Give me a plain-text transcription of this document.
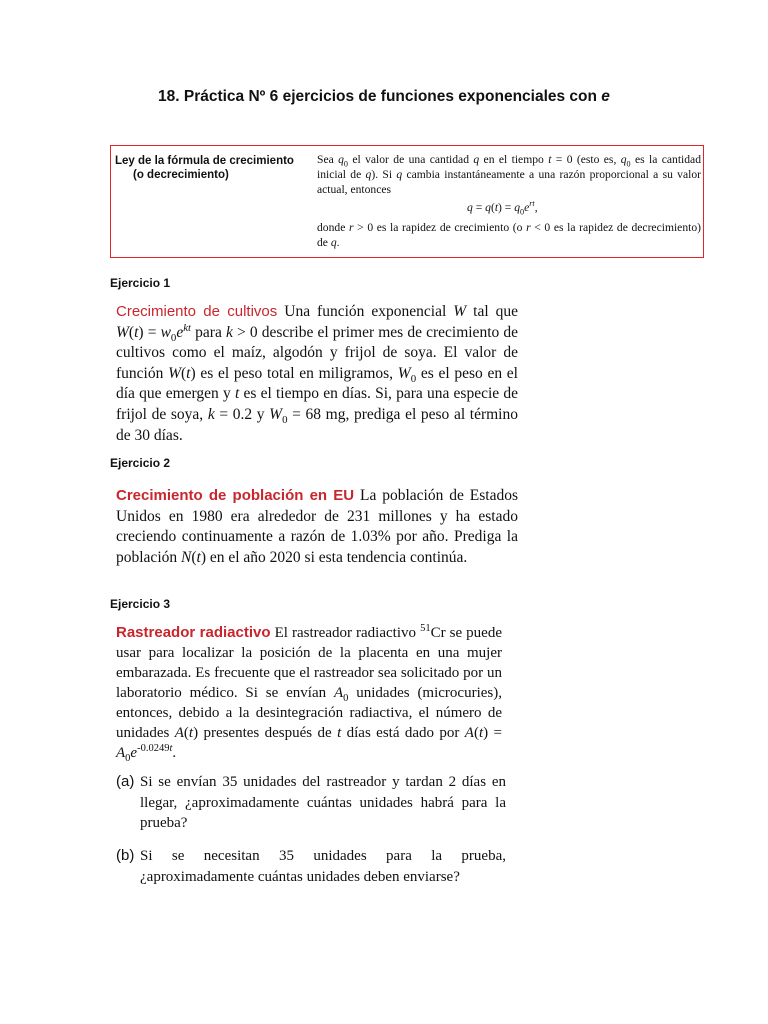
18. Práctica Nº 6 ejercicios de funciones exponenciales con e
Ley de la fórmula de crecimiento
(o decrecimiento)

Sea $q_0$ el valor de una cantidad q en el tiempo t = 0 (esto es, $q_0$ es la cantidad inicial de q). Si q cambia instantáneamente a una razón proporcional a su valor actual, entonces

$q = q(t) = q_0e^{rt}$,

donde r > 0 es la rapidez de crecimiento (o r < 0 es la rapidez de decrecimiento) de q.

Ejercicio 1
Crecimiento de cultivos Una función exponencial W tal que $W(t) = w_0e^{kt}$ para k > 0 describe el primer mes de crecimiento de cultivos como el maíz, algodón y frijol de soya. El valor de función W(t) es el peso total en miligramos, $W_0$ es el peso en el día que emergen y t es el tiempo en días. Si, para una especie de frijol de soya, k = 0.2 y $W_0 = 68$ mg, prediga el peso al término de 30 días.
Ejercicio 2
Crecimiento de población en EU La población de Estados Unidos en 1980 era alrededor de 231 millones y ha estado creciendo continuamente a razón de 1.03% por año. Prediga la población N(t) en el año 2020 si esta tendencia continúa.
Ejercicio 3
Rastreador radiactivo El rastreador radiactivo $^{51}$Cr se puede usar para localizar la posición de la placenta en una mujer embarazada. Es frecuente que el rastreador sea solicitado por un laboratorio médico. Si se envían $A_0$ unidades (microcuries), entonces, debido a la desintegración radiactiva, el número de unidades A(t) presentes después de t días está dado por $A(t) = A_0e^{-0.0249t}$.
(a) Si se envían 35 unidades del rastreador y tardan 2 días en llegar, ¿aproximadamente cuántas unidades habrá para la prueba?
(b) Si se necesitan 35 unidades para la prueba, ¿aproximadamente cuántas unidades deben enviarse?
